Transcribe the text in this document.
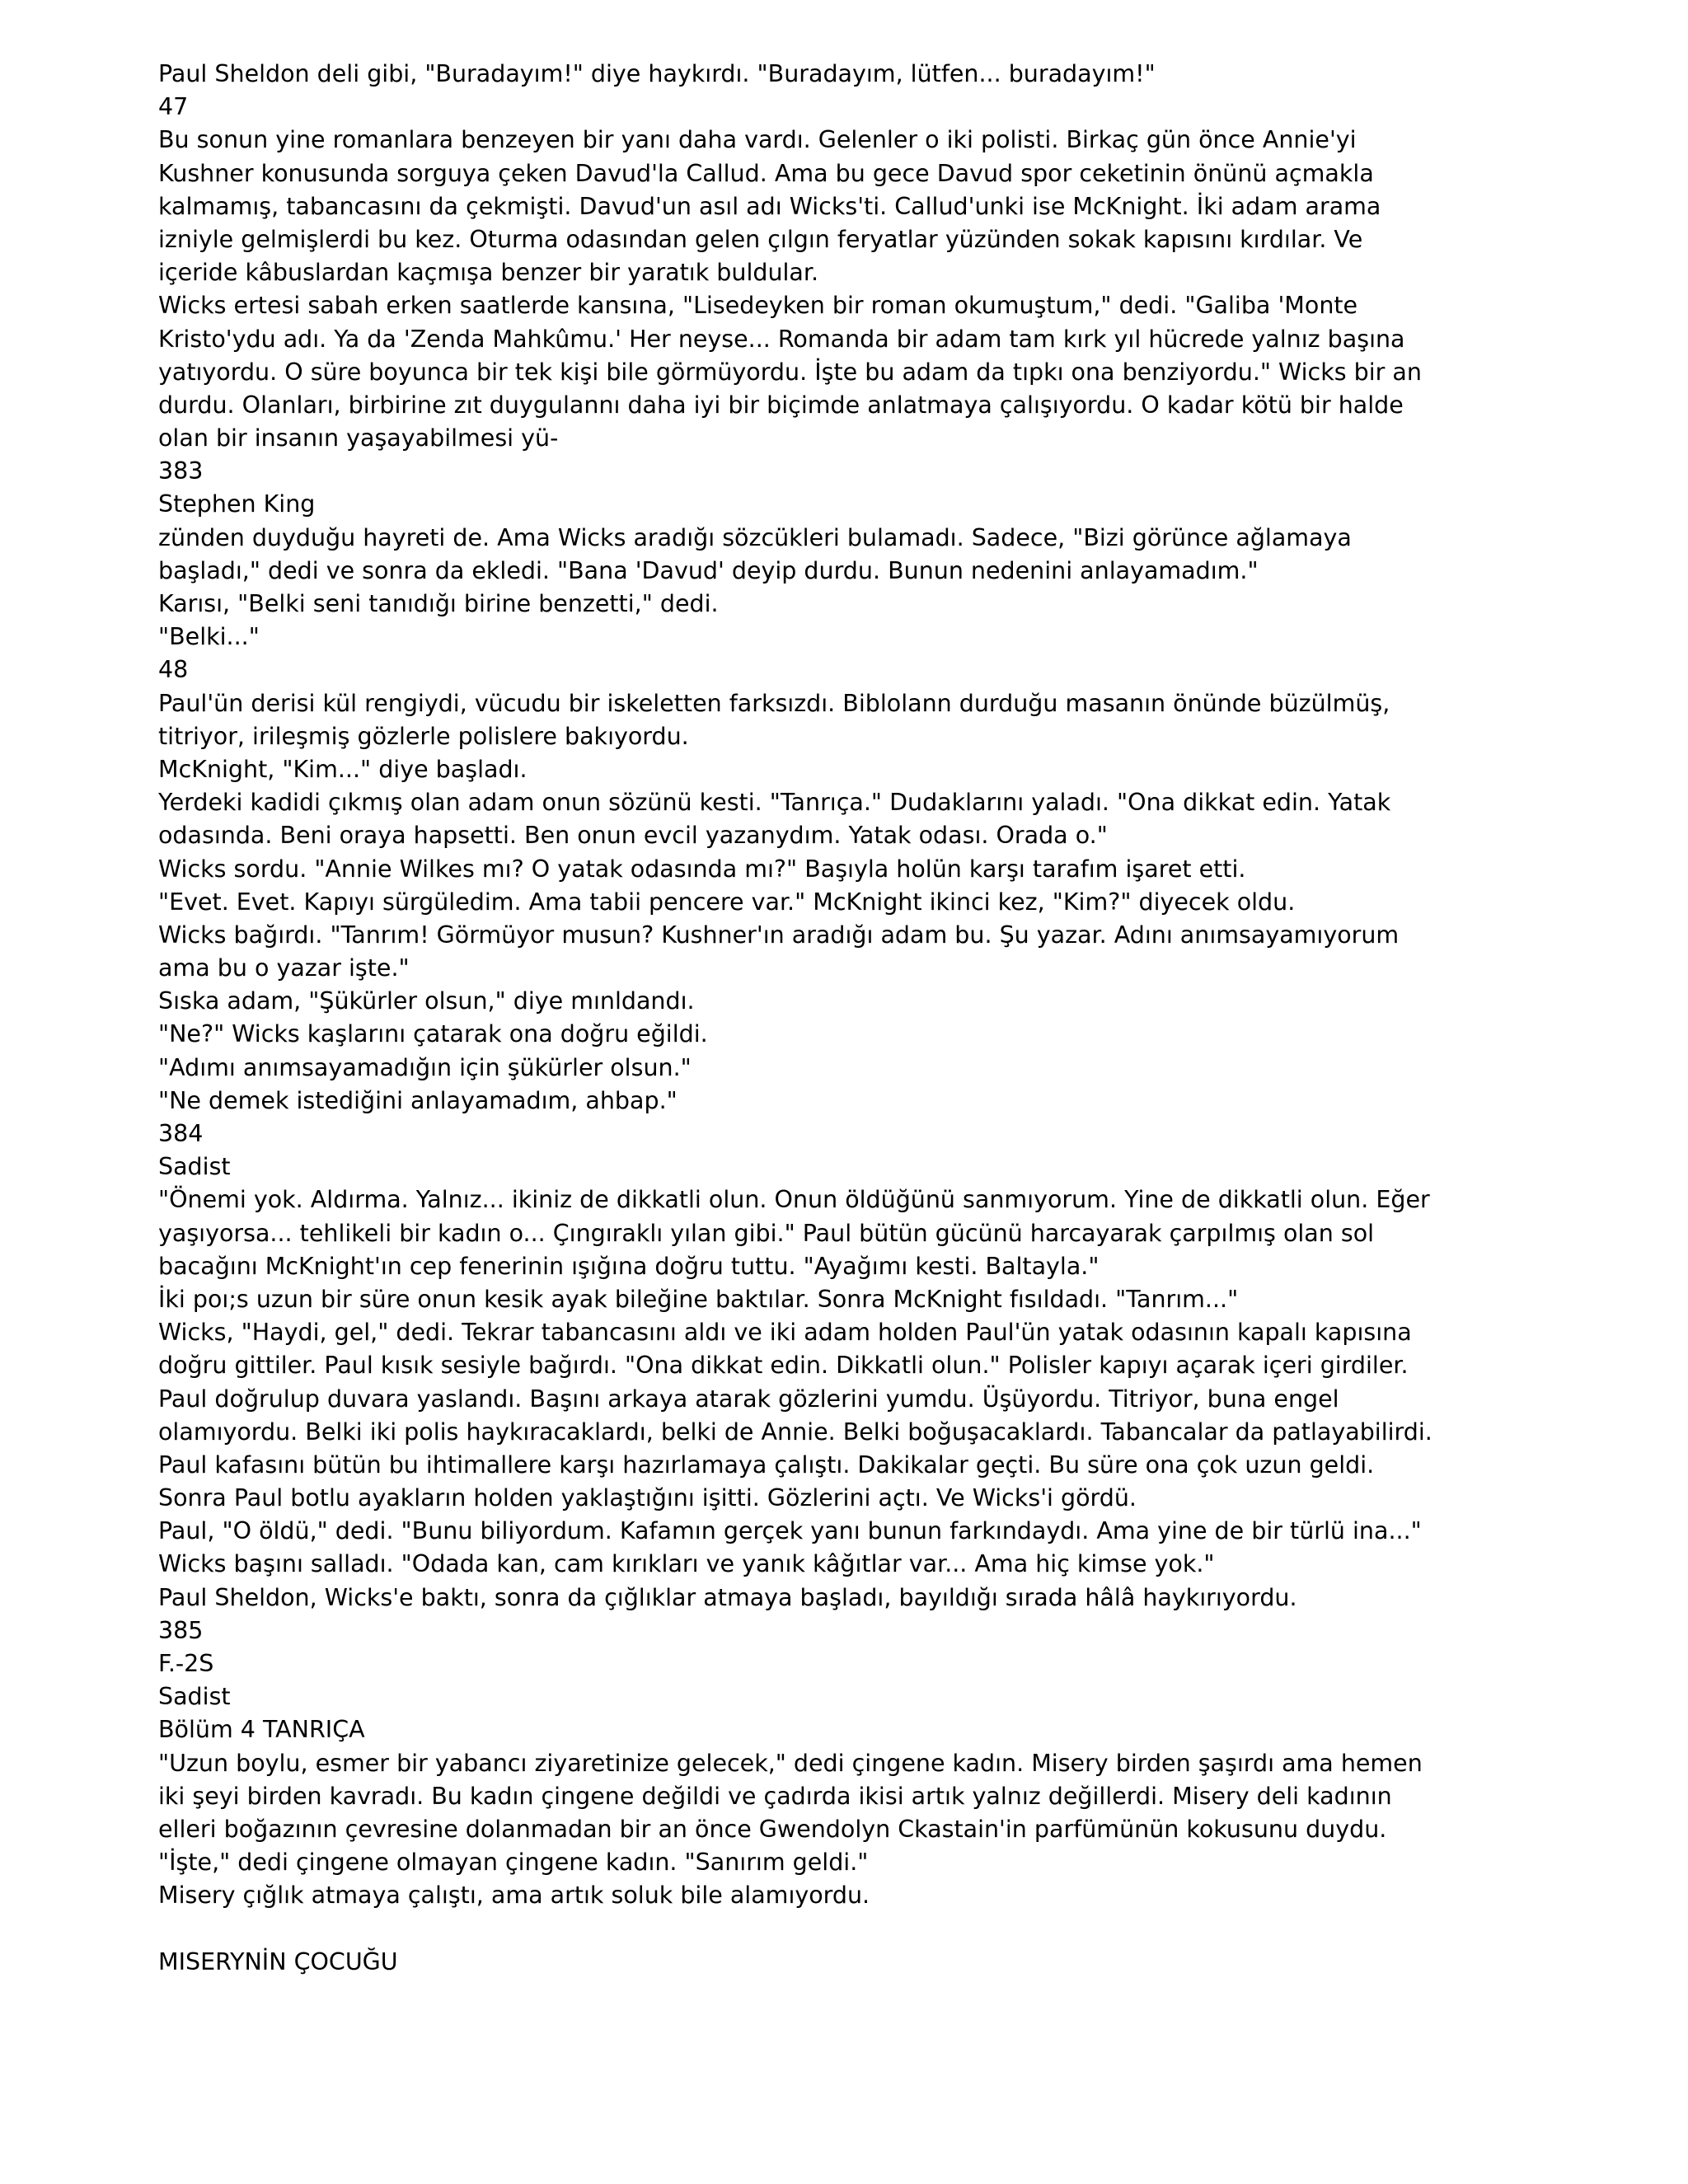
Paul Sheldon deli gibi, "Buradayım!" diye haykırdı. "Buradayım, lütfen... buradayım!"
47
Bu sonun yine romanlara benzeyen bir yanı daha vardı. Gelenler o iki polisti. Birkaç gün önce Annie'yi
Kushner konusunda sorguya çeken Davud'la Callud. Ama bu gece Davud spor ceketinin önünü açmakla
kalmamış, tabancasını da çekmişti. Davud'un asıl adı Wicks'ti. Callud'unki ise McKnight. İki adam arama
izniyle gelmişlerdi bu kez. Oturma odasından gelen çılgın feryatlar yüzünden sokak kapısını kırdılar. Ve
içeride kâbuslardan kaçmışa benzer bir yaratık buldular.
Wicks ertesi sabah erken saatlerde kansına, "Lisedeyken bir roman okumuştum," dedi. "Galiba 'Monte
Kristo'ydu adı. Ya da 'Zenda Mahkûmu.' Her neyse... Romanda bir adam tam kırk yıl hücrede yalnız başına
yatıyordu. O süre boyunca bir tek kişi bile görmüyordu. İşte bu adam da tıpkı ona benziyordu." Wicks bir an
durdu. Olanları, birbirine zıt duygulannı daha iyi bir biçimde anlatmaya çalışıyordu. O kadar kötü bir halde
olan bir insanın yaşayabilmesi yü-
383
Stephen King
zünden duyduğu hayreti de. Ama Wicks aradığı sözcükleri bulamadı. Sadece, "Bizi görünce ağlamaya
başladı," dedi ve sonra da ekledi. "Bana 'Davud' deyip durdu. Bunun nedenini anlayamadım."
Karısı, "Belki seni tanıdığı birine benzetti," dedi.
"Belki..."
48
Paul'ün derisi kül rengiydi, vücudu bir iskeletten farksızdı. Biblolann durduğu masanın önünde büzülmüş,
titriyor, irileşmiş gözlerle polislere bakıyordu.
McKnight, "Kim..." diye başladı.
Yerdeki kadidi çıkmış olan adam onun sözünü kesti. "Tanrıça." Dudaklarını yaladı. "Ona dikkat edin. Yatak
odasında. Beni oraya hapsetti. Ben onun evcil yazanydım. Yatak odası. Orada o."
Wicks sordu. "Annie Wilkes mı? O yatak odasında mı?" Başıyla holün karşı tarafım işaret etti.
"Evet. Evet. Kapıyı sürgüledim. Ama tabii pencere var." McKnight ikinci kez, "Kim?" diyecek oldu.
Wicks bağırdı. "Tanrım! Görmüyor musun? Kushner'ın aradığı adam bu. Şu yazar. Adını anımsayamıyorum
ama bu o yazar işte."
Sıska adam, "Şükürler olsun," diye mınldandı.
"Ne?" Wicks kaşlarını çatarak ona doğru eğildi.
"Adımı anımsayamadığın için şükürler olsun."
"Ne demek istediğini anlayamadım, ahbap."
384
Sadist
"Önemi yok. Aldırma. Yalnız... ikiniz de dikkatli olun. Onun öldüğünü sanmıyorum. Yine de dikkatli olun. Eğer
yaşıyorsa... tehlikeli bir kadın o... Çıngıraklı yılan gibi." Paul bütün gücünü harcayarak çarpılmış olan sol
bacağını McKnight'ın cep fenerinin ışığına doğru tuttu. "Ayağımı kesti. Baltayla."
İki poı;s uzun bir süre onun kesik ayak bileğine baktılar. Sonra McKnight fısıldadı. "Tanrım..."
Wicks, "Haydi, gel," dedi. Tekrar tabancasını aldı ve iki adam holden Paul'ün yatak odasının kapalı kapısına
doğru gittiler. Paul kısık sesiyle bağırdı. "Ona dikkat edin. Dikkatli olun." Polisler kapıyı açarak içeri girdiler.
Paul doğrulup duvara yaslandı. Başını arkaya atarak gözlerini yumdu. Üşüyordu. Titriyor, buna engel
olamıyordu. Belki iki polis haykıracaklardı, belki de Annie. Belki boğuşacaklardı. Tabancalar da patlayabilirdi.
Paul kafasını bütün bu ihtimallere karşı hazırlamaya çalıştı. Dakikalar geçti. Bu süre ona çok uzun geldi.
Sonra Paul botlu ayakların holden yaklaştığını işitti. Gözlerini açtı. Ve Wicks'i gördü.
Paul, "O öldü," dedi. "Bunu biliyordum. Kafamın gerçek yanı bunun farkındaydı. Ama yine de bir türlü ina..."
Wicks başını salladı. "Odada kan, cam kırıkları ve yanık kâğıtlar var... Ama hiç kimse yok."
Paul Sheldon, Wicks'e baktı, sonra da çığlıklar atmaya başladı, bayıldığı sırada hâlâ haykırıyordu.
385
F.-2S
Sadist
Bölüm 4 TANRIÇA
"Uzun boylu, esmer bir yabancı ziyaretinize gelecek," dedi çingene kadın. Misery birden şaşırdı ama hemen
iki şeyi birden kavradı. Bu kadın çingene değildi ve çadırda ikisi artık yalnız değillerdi. Misery deli kadının
elleri boğazının çevresine dolanmadan bir an önce Gwendolyn Ckastain'in parfümünün kokusunu duydu.
"İşte," dedi çingene olmayan çingene kadın. "Sanırım geldi."
Misery çığlık atmaya çalıştı, ama artık soluk bile alamıyordu.
MISERYNİN ÇOCUĞU
